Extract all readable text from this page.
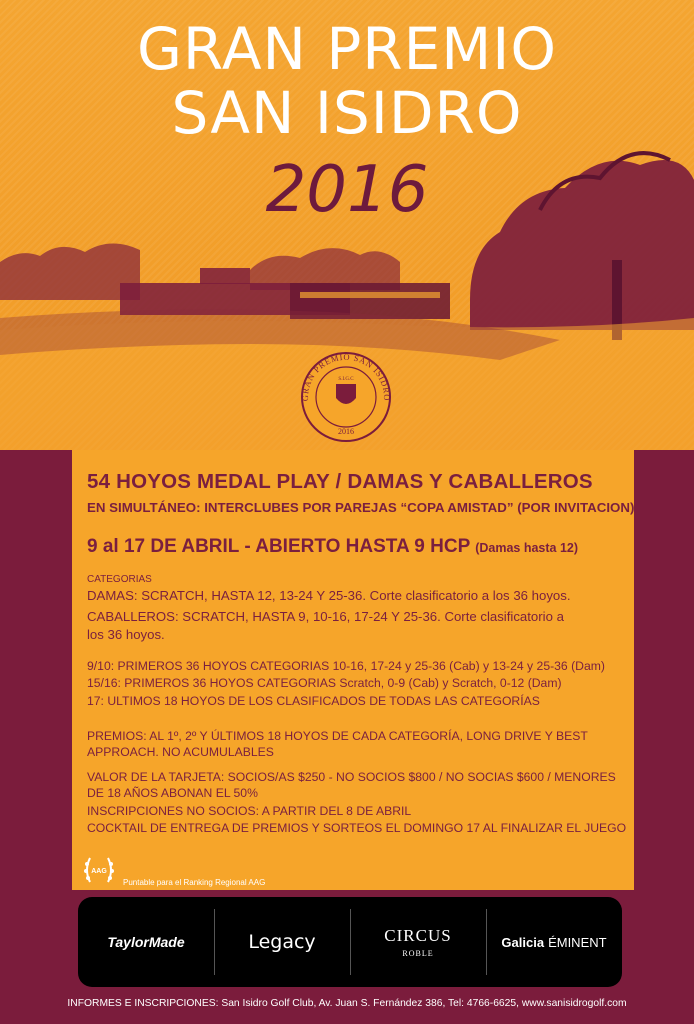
GRAN PREMIO SAN ISIDRO
S.I.G.C
2016
GRAN PREMIO
SAN ISIDRO
2016

54 HOYOS MEDAL PLAY / DAMAS Y CABALLEROS

EN SIMULTÁNEO: INTERCLUBES POR PAREJAS “COPA AMISTAD” (POR INVITACION)

9 al 17 DE ABRIL - ABIERTO HASTA 9 HCP (Damas hasta 12)

CATEGORIAS

DAMAS: SCRATCH, HASTA 12, 13-24 Y 25-36. Corte clasificatorio a los 36 hoyos.

CABALLEROS: SCRATCH, HASTA 9, 10-16, 17-24 Y 25-36. Corte clasificatorio a

los 36 hoyos.

9/10: PRIMEROS 36 HOYOS CATEGORIAS 10-16, 17-24 y 25-36 (Cab) y 13-24 y 25-36 (Dam)

15/16: PRIMEROS 36 HOYOS CATEGORIAS Scratch, 0-9 (Cab) y Scratch, 0-12 (Dam)

17: ULTIMOS 18 HOYOS DE LOS CLASIFICADOS DE TODAS LAS CATEGORÍAS

PREMIOS: AL 1º, 2º Y ÚLTIMOS 18 HOYOS DE CADA CATEGORÍA, LONG DRIVE Y BEST APPROACH. NO ACUMULABLES

VALOR DE LA TARJETA: SOCIOS/AS $250 - NO SOCIOS $800 / NO SOCIAS $600 / MENORES DE 18 AÑOS ABONAN EL 50%

INSCRIPCIONES NO SOCIOS: A PARTIR DEL 8 DE ABRIL

COCKTAIL DE ENTREGA DE PREMIOS Y SORTEOS EL DOMINGO 17 AL FINALIZAR EL JUEGO

AAG
Puntable para el Ranking Regional AAG
TaylorMade	Legacy	CIRCUS
ROBLE
Galicia ÉMINENT
INFORMES E INSCRIPCIONES: San Isidro Golf Club, Av. Juan S. Fernández 386, Tel: 4766-6625, www.sanisidrogolf.com
